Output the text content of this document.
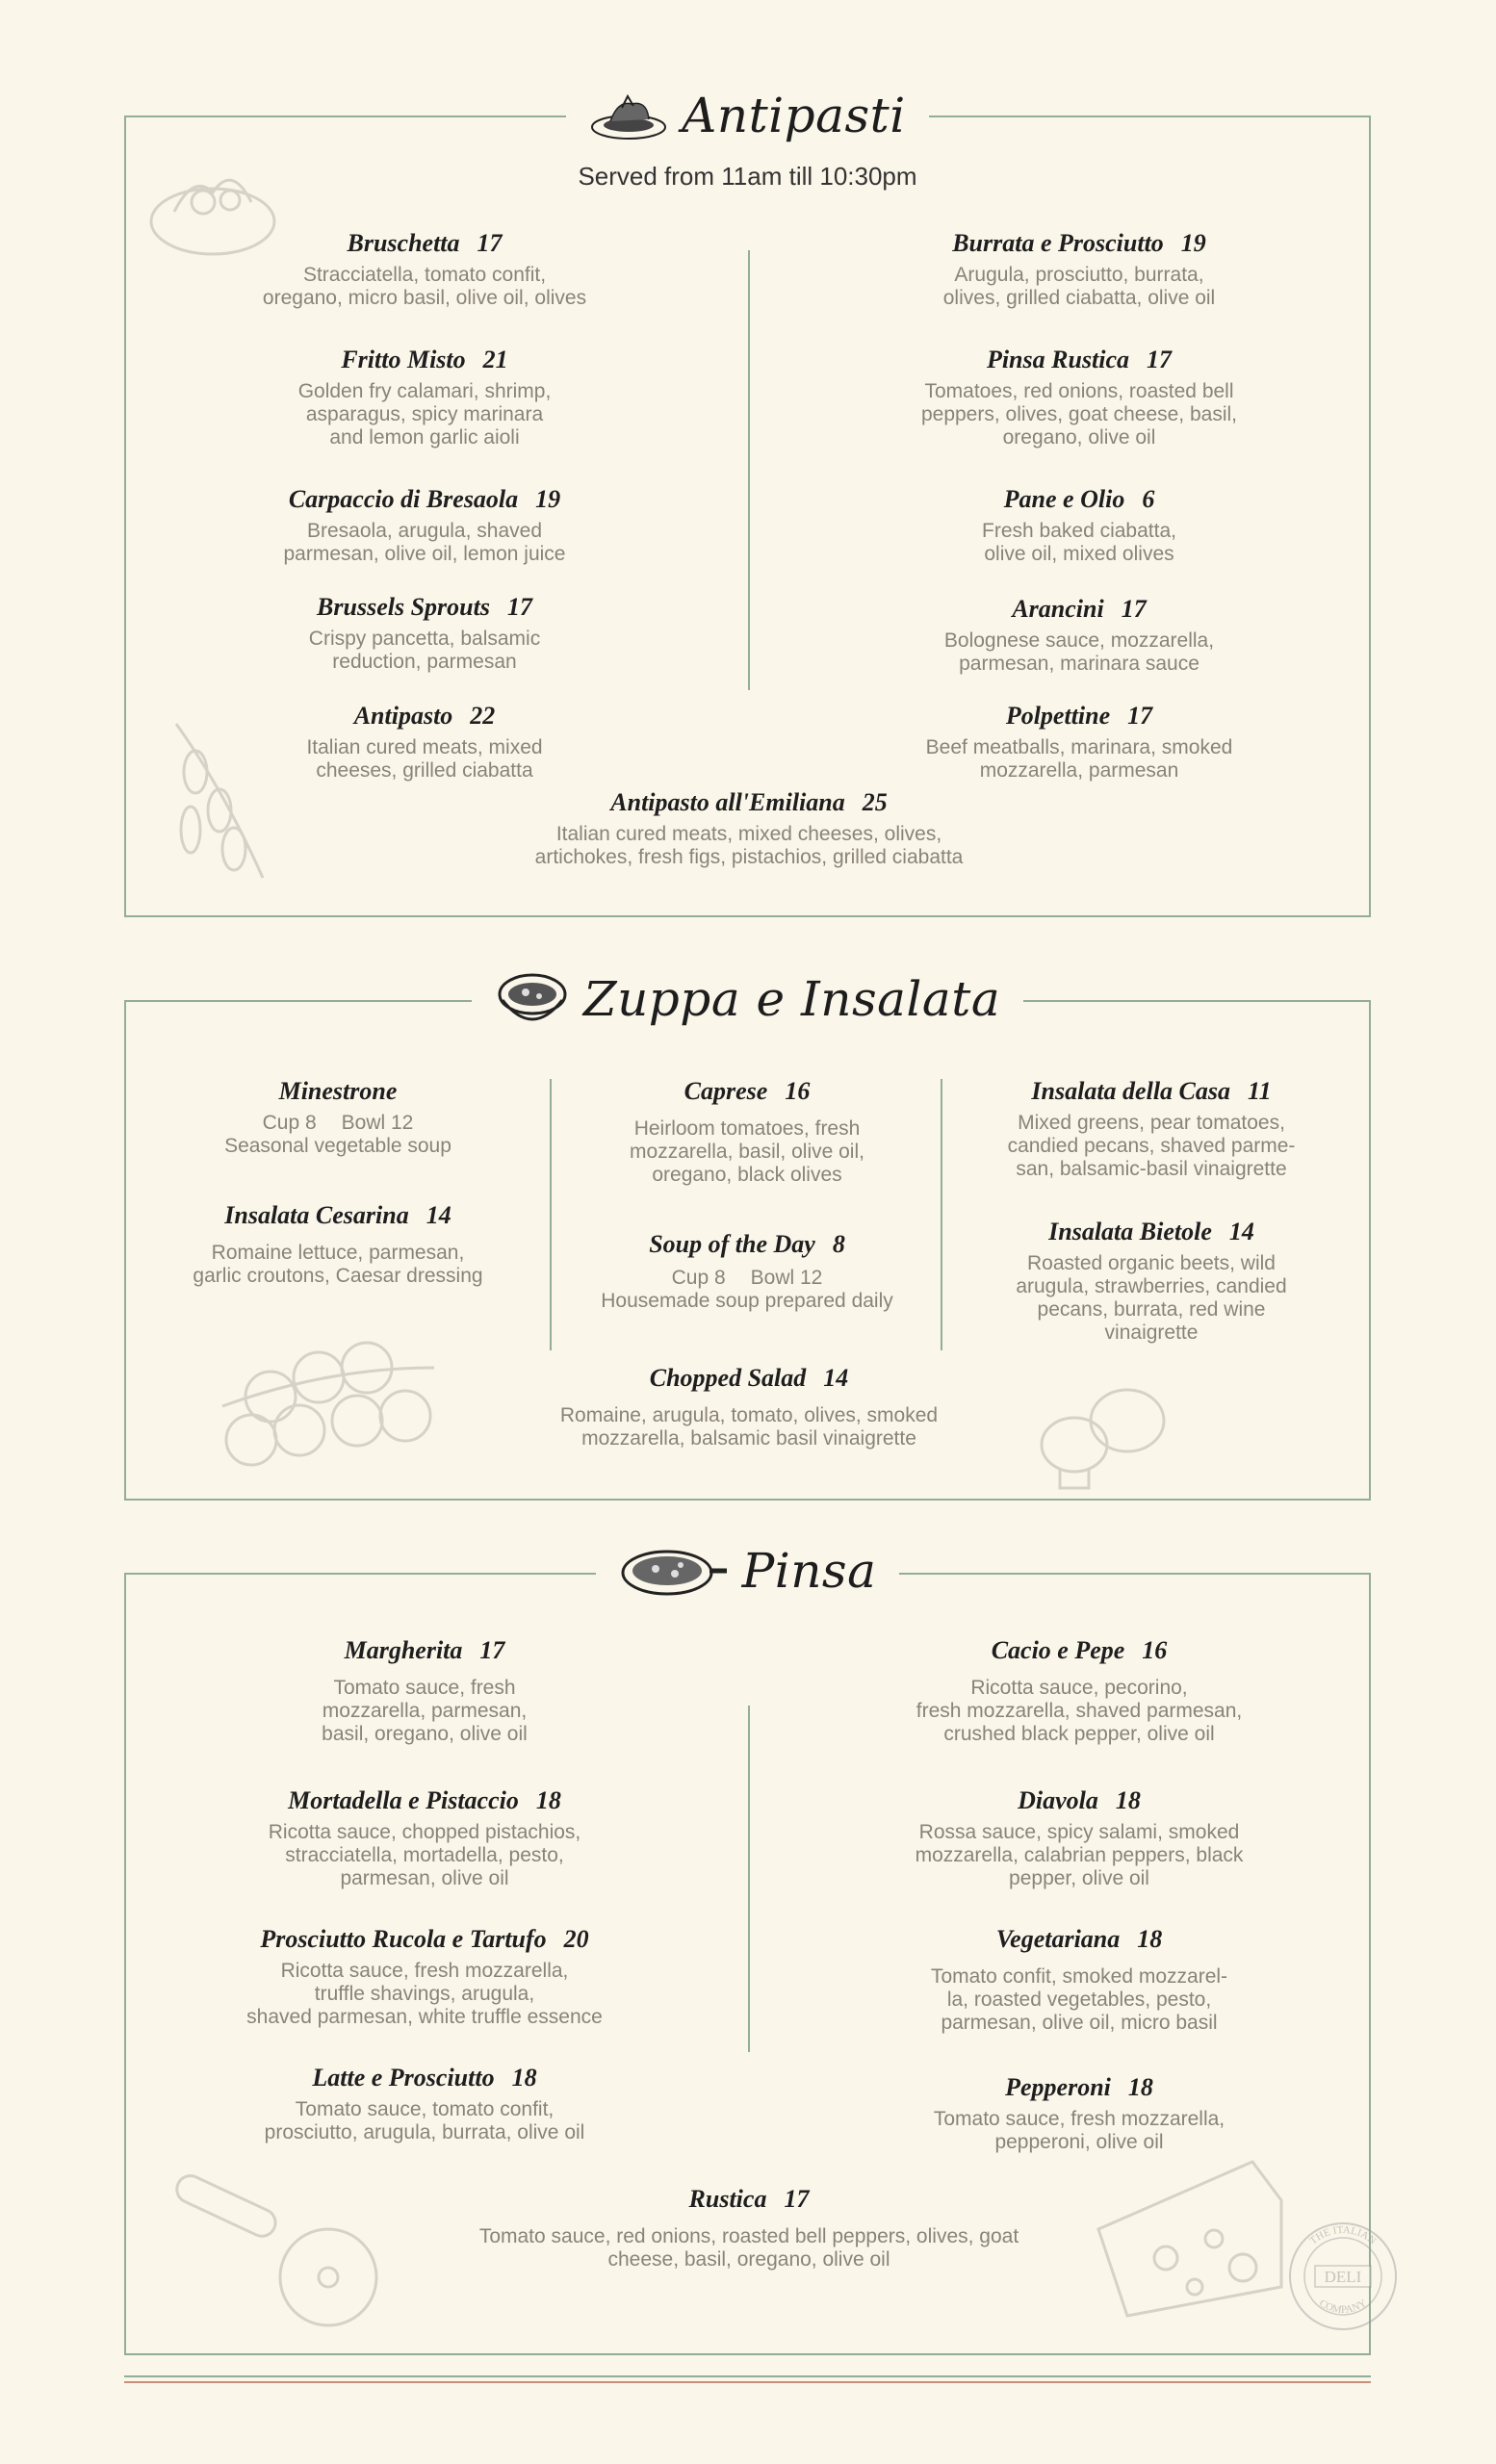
Antipasti
Served from 11am till 10:30pm
Bruschetta 17
Stracciatella, tomato confit,
oregano, micro basil, olive oil, olives
Fritto Misto 21
Golden fry calamari, shrimp,
asparagus, spicy marinara
and lemon garlic aioli
Carpaccio di Bresaola 19
Bresaola, arugula, shaved
parmesan, olive oil, lemon juice
Brussels Sprouts 17
Crispy pancetta, balsamic
reduction, parmesan
Antipasto 22
Italian cured meats, mixed
cheeses, grilled ciabatta
Burrata e Prosciutto 19
Arugula, prosciutto, burrata,
olives, grilled ciabatta, olive oil
Pinsa Rustica 17
Tomatoes, red onions, roasted bell
peppers, olives, goat cheese, basil,
oregano, olive oil
Pane e Olio 6
Fresh baked ciabatta,
olive oil, mixed olives
Arancini 17
Bolognese sauce, mozzarella,
parmesan, marinara sauce
Polpettine 17
Beef meatballs, marinara, smoked
mozzarella, parmesan
Antipasto all'Emiliana 25
Italian cured meats, mixed cheeses, olives,
artichokes, fresh figs, pistachios, grilled ciabatta
Zuppa e Insalata
Minestrone
Cup 8 Bowl 12
Seasonal vegetable soup
Insalata Cesarina 14
Romaine lettuce, parmesan,
garlic croutons, Caesar dressing
Caprese 16
Heirloom tomatoes, fresh
mozzarella, basil, olive oil,
oregano, black olives
Soup of the Day 8
Cup 8 Bowl 12
Housemade soup prepared daily
Insalata della Casa 11
Mixed greens, pear tomatoes,
candied pecans, shaved parme-
san, balsamic-basil vinaigrette
Insalata Bietole 14
Roasted organic beets, wild
arugula, strawberries, candied
pecans, burrata, red wine
vinaigrette
Chopped Salad 14
Romaine, arugula, tomato, olives, smoked
mozzarella, balsamic basil vinaigrette
Pinsa
Margherita 17
Tomato sauce, fresh
mozzarella, parmesan,
basil, oregano, olive oil
Mortadella e Pistaccio 18
Ricotta sauce, chopped pistachios,
stracciatella, mortadella, pesto,
parmesan, olive oil
Prosciutto Rucola e Tartufo 20
Ricotta sauce, fresh mozzarella,
truffle shavings, arugula,
shaved parmesan, white truffle essence
Latte e Prosciutto 18
Tomato sauce, tomato confit,
prosciutto, arugula, burrata, olive oil
Cacio e Pepe 16
Ricotta sauce, pecorino,
fresh mozzarella, shaved parmesan,
crushed black pepper, olive oil
Diavola 18
Rossa sauce, spicy salami, smoked
mozzarella, calabrian peppers, black
pepper, olive oil
Vegetariana 18
Tomato confit, smoked mozzarel-
la, roasted vegetables, pesto,
parmesan, olive oil, micro basil
Pepperoni 18
Tomato sauce, fresh mozzarella,
pepperoni, olive oil
Rustica 17
Tomato sauce, red onions, roasted bell peppers, olives, goat
cheese, basil, oregano, olive oil
THE ITALIAN
COMPANY
DELI
